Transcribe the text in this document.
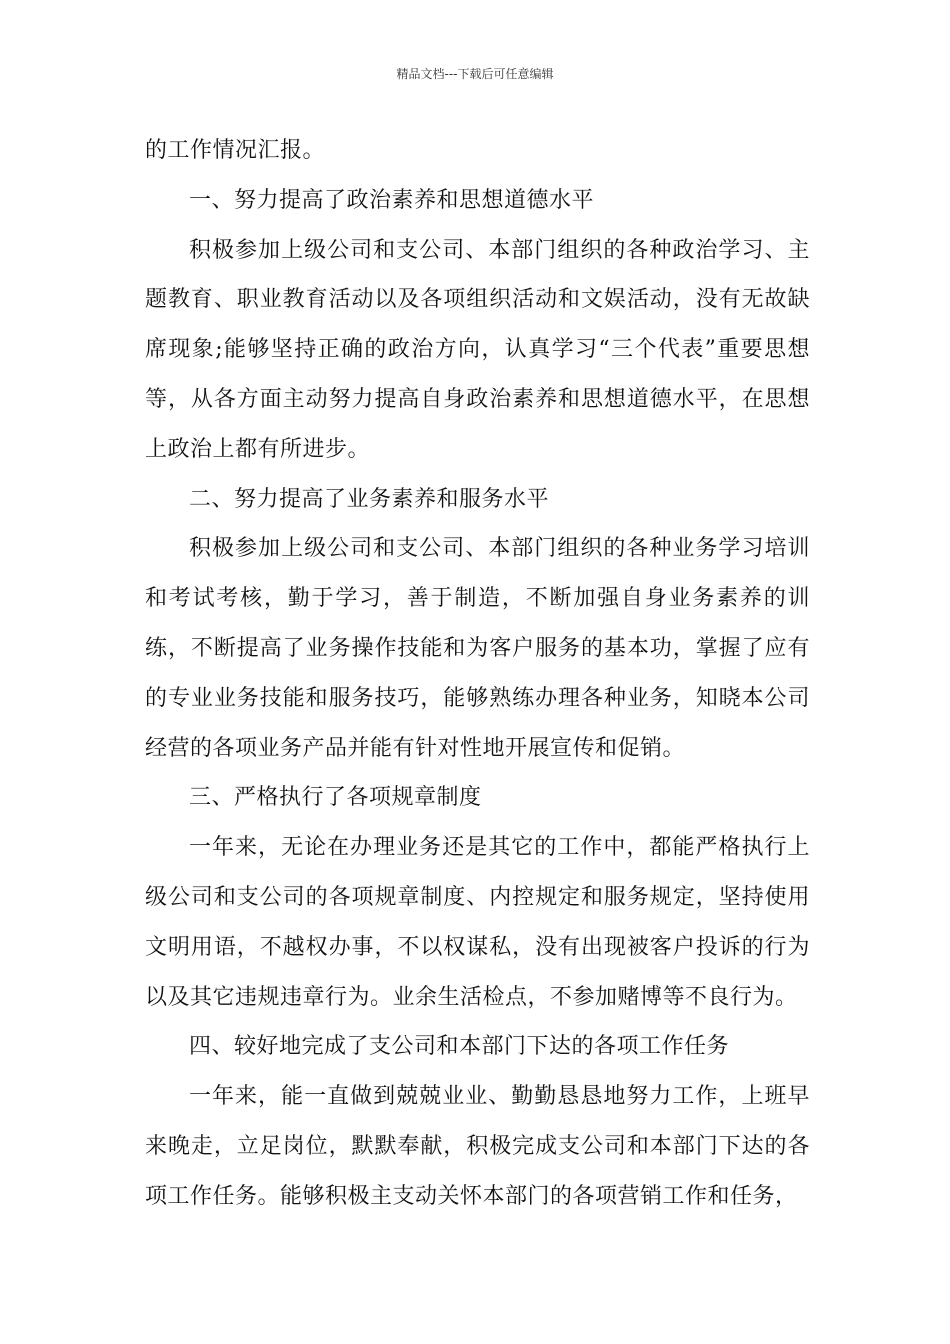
精品文档---下载后可任意编辑

的工作情况汇报。

一、努力提高了政治素养和思想道德水平

积极参加上级公司和支公司、本部门组织的各种政治学习、主题教育、职业教育活动以及各项组织活动和文娱活动，没有无故缺席现象;能够坚持正确的政治方向，认真学习“三个代表”重要思想等，从各方面主动努力提高自身政治素养和思想道德水平，在思想上政治上都有所进步。

二、努力提高了业务素养和服务水平

积极参加上级公司和支公司、本部门组织的各种业务学习培训和考试考核，勤于学习，善于制造，不断加强自身业务素养的训练，不断提高了业务操作技能和为客户服务的基本功，掌握了应有的专业业务技能和服务技巧，能够熟练办理各种业务，知晓本公司经营的各项业务产品并能有针对性地开展宣传和促销。

三、严格执行了各项规章制度

一年来，无论在办理业务还是其它的工作中，都能严格执行上级公司和支公司的各项规章制度、内控规定和服务规定，坚持使用文明用语，不越权办事，不以权谋私，没有出现被客户投诉的行为以及其它违规违章行为。业余生活检点，不参加赌博等不良行为。

四、较好地完成了支公司和本部门下达的各项工作任务

一年来，能一直做到兢兢业业、勤勤恳恳地努力工作，上班早来晚走，立足岗位，默默奉献，积极完成支公司和本部门下达的各项工作任务。能够积极主支动关怀本部门的各项营销工作和任务，
